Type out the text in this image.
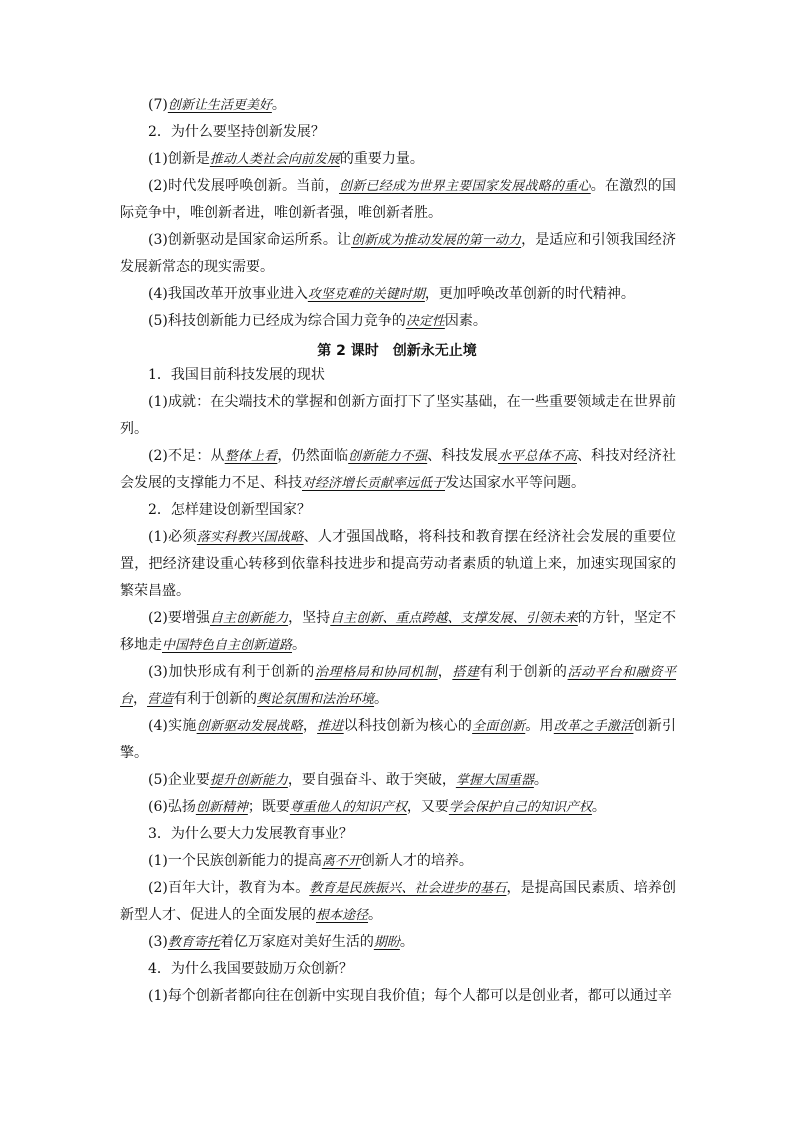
第 2 课时　创新永无止境
(7)创新让生活更美好。
2．为什么要坚持创新发展？
(1)创新是推动人类社会向前发展的重要力量。
(2)时代发展呼唤创新。当前，创新已经成为世界主要国家发展战略的重心。在激烈的国际竞争中，唯创新者进，唯创新者强，唯创新者胜。
(3)创新驱动是国家命运所系。让创新成为推动发展的第一动力，是适应和引领我国经济发展新常态的现实需要。
(4)我国改革开放事业进入攻坚克难的关键时期，更加呼唤改革创新的时代精神。
(5)科技创新能力已经成为综合国力竞争的决定性因素。
1．我国目前科技发展的现状
(1)成就：在尖端技术的掌握和创新方面打下了坚实基础，在一些重要领域走在世界前列。
(2)不足：从整体上看，仍然面临创新能力不强、科技发展水平总体不高、科技对经济社会发展的支撑能力不足、科技对经济增长贡献率远低于发达国家水平等问题。
2．怎样建设创新型国家？
(1)必须落实科教兴国战略、人才强国战略，将科技和教育摆在经济社会发展的重要位置，把经济建设重心转移到依靠科技进步和提高劳动者素质的轨道上来，加速实现国家的繁荣昌盛。
(2)要增强自主创新能力，坚持自主创新、重点跨越、支撑发展、引领未来的方针，坚定不移地走中国特色自主创新道路。
(3)加快形成有利于创新的治理格局和协同机制，搭建有利于创新的活动平台和融资平台，营造有利于创新的舆论氛围和法治环境。
(4)实施创新驱动发展战略，推进以科技创新为核心的全面创新。用改革之手激活创新引擎。
(5)企业要提升创新能力，要自强奋斗、敢于突破，掌握大国重器。
(6)弘扬创新精神；既要尊重他人的知识产权，又要学会保护自己的知识产权。
3．为什么要大力发展教育事业？
(1)一个民族创新能力的提高离不开创新人才的培养。
(2)百年大计，教育为本。教育是民族振兴、社会进步的基石，是提高国民素质、培养创新型人才、促进人的全面发展的根本途径。
(3)教育寄托着亿万家庭对美好生活的期盼。
4．为什么我国要鼓励万众创新？
(1)每个创新者都向往在创新中实现自我价值；每个人都可以是创业者，都可以通过辛
